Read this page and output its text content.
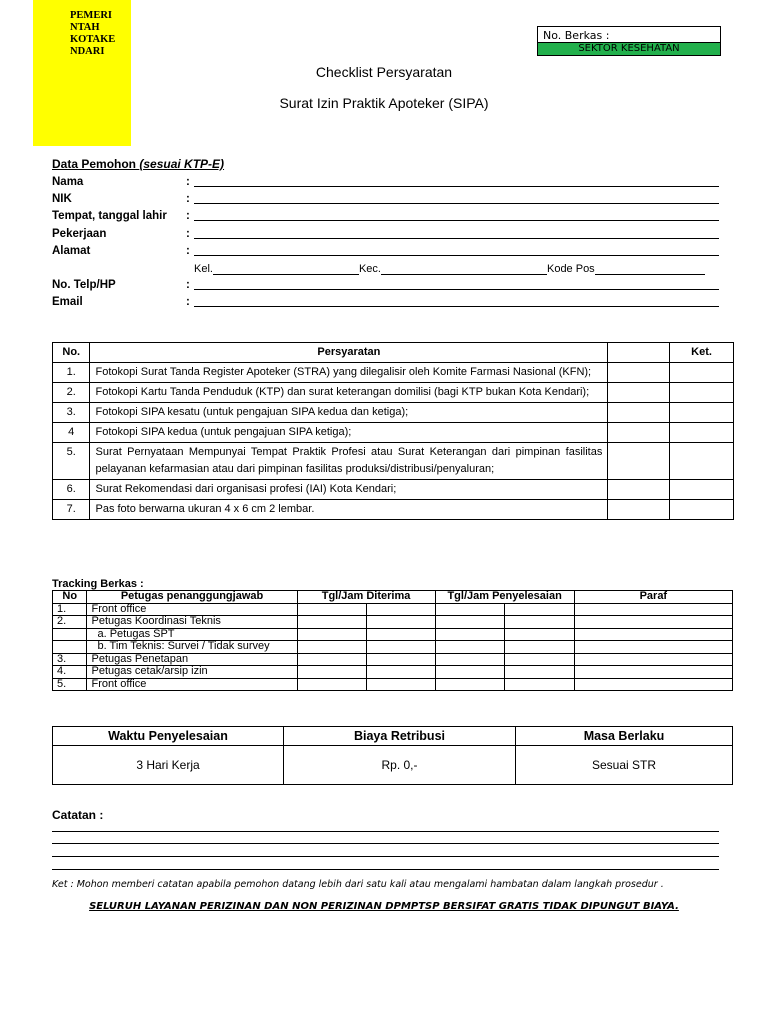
PEMERI
NTAH
KOTAKE
NDARI
No. Berkas :
SEKTOR KESEHATAN
Checklist Persyaratan
Surat Izin Praktik Apoteker (SIPA)
Data Pemohon (sesuai KTP-E)
Nama	:
NIK	:
Tempat, tanggal lahir :
Pekerjaan	:
Alamat	:
Kel.	Kec.	Kode Pos
No. Telp/HP	:
Email	:
No.	Persyaratan		Ket.
1.	Fotokopi Surat Tanda Register Apoteker (STRA) yang dilegalisir oleh Komite Farmasi Nasional (KFN);		
2.	Fotokopi Kartu Tanda Penduduk (KTP) dan surat keterangan domilisi (bagi KTP bukan Kota Kendari);		
3.	Fotokopi SIPA kesatu (untuk pengajuan SIPA kedua dan ketiga);		
4	Fotokopi SIPA kedua (untuk pengajuan SIPA ketiga);		
5.	Surat Pernyataan Mempunyai Tempat Praktik Profesi atau Surat Keterangan dari pimpinan fasilitas pelayanan kefarmasian atau dari pimpinan fasilitas produksi/distribusi/penyaluran;		
6.	Surat Rekomendasi dari organisasi profesi (IAI) Kota Kendari;		
7.	Pas foto berwarna ukuran 4 x 6 cm 2 lembar.		
Tracking Berkas :
No	Petugas penanggungjawab	Tgl/Jam Diterima		Tgl/Jam Penyelesaian		Paraf
1.	Front office					
2.	Petugas Koordinasi Teknis					
	a. Petugas SPT					
	b. Tim Teknis: Survei / Tidak survey					
3.	Petugas Penetapan					
4.	Petugas cetak/arsip izin					
5.	Front office					
Waktu Penyelesaian	Biaya Retribusi	Masa Berlaku
3 Hari Kerja	Rp. 0,-	Sesuai STR
Catatan :
Ket : Mohon memberi catatan apabila pemohon datang lebih dari satu kali atau mengalami hambatan dalam langkah prosedur .
SELURUH LAYANAN PERIZINAN DAN NON PERIZINAN DPMPTSP BERSIFAT GRATIS TIDAK DIPUNGUT BIAYA.
